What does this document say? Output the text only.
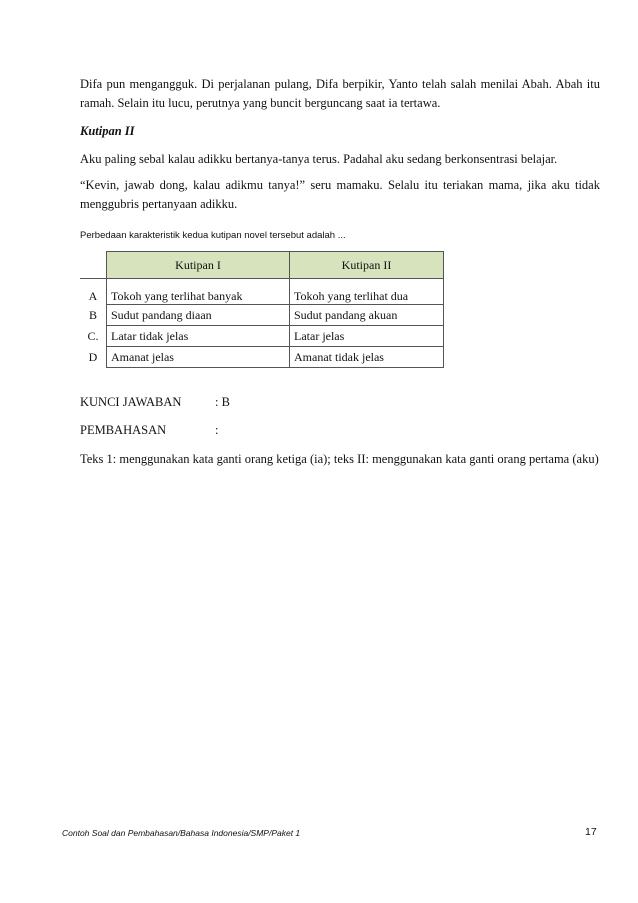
Difa pun mengangguk. Di perjalanan pulang, Difa berpikir, Yanto telah salah menilai Abah. Abah itu ramah. Selain itu lucu, perutnya yang buncit berguncang saat ia tertawa.
Kutipan II
Aku paling sebal kalau adikku bertanya-tanya terus. Padahal aku sedang berkonsentrasi belajar.
“Kevin, jawab dong, kalau adikmu tanya!” seru mamaku. Selalu itu teriakan mama, jika aku tidak menggubris pertanyaan adikku.
Perbedaan karakteristik kedua kutipan novel tersebut adalah ...
	Kutipan I	Kutipan II
A	Tokoh yang terlihat banyak	Tokoh yang terlihat dua
B	Sudut pandang diaan	Sudut pandang akuan
C.	Latar tidak jelas	Latar jelas
D	Amanat jelas	Amanat tidak jelas
KUNCI JAWABAN	: B
PEMBAHASAN	:
Teks 1: menggunakan kata ganti orang ketiga (ia); teks II: menggunakan kata ganti orang pertama (aku)
Contoh Soal dan Pembahasan/Bahasa Indonesia/SMP/Paket 1	17
